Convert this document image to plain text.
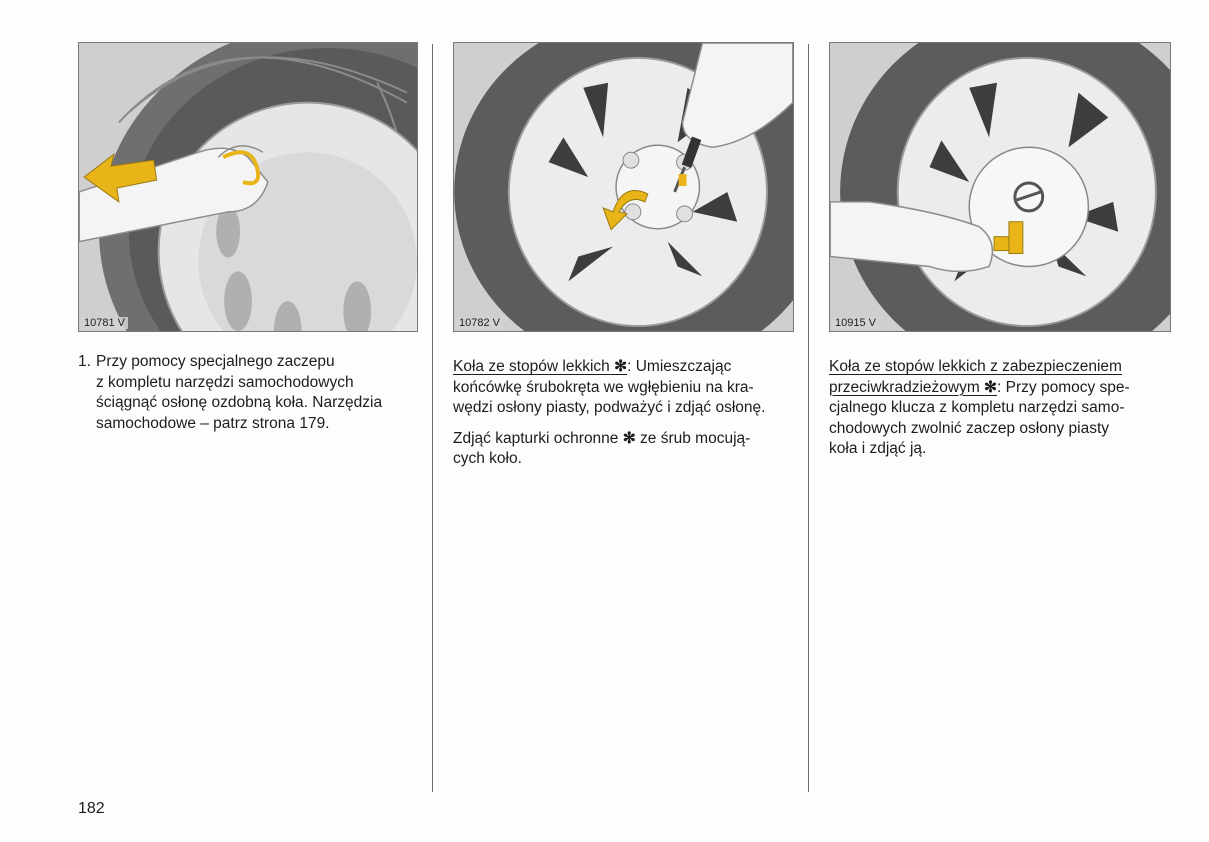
10781 V	10782 V	10915 V
1. Przy pomocy specjalnego zaczepu
z kompletu narzędzi samochodowych
ściągnąć osłonę ozdobną koła. Narzędzia
samochodowe – patrz strona 179.

Koła ze stopów lekkich ✻: Umieszczając
końcówkę śrubokręta we wgłębieniu na kra-
wędzi osłony piasty, podważyć i zdjąć osłonę.

Zdjąć kapturki ochronne ✻ ze śrub mocują-
cych koło.

Koła ze stopów lekkich z zabezpieczeniem
przeciwkradzieżowym ✻: Przy pomocy spe-
cjalnego klucza z kompletu narzędzi samo-
chodowych zwolnić zaczep osłony piasty
koła i zdjąć ją.

182
